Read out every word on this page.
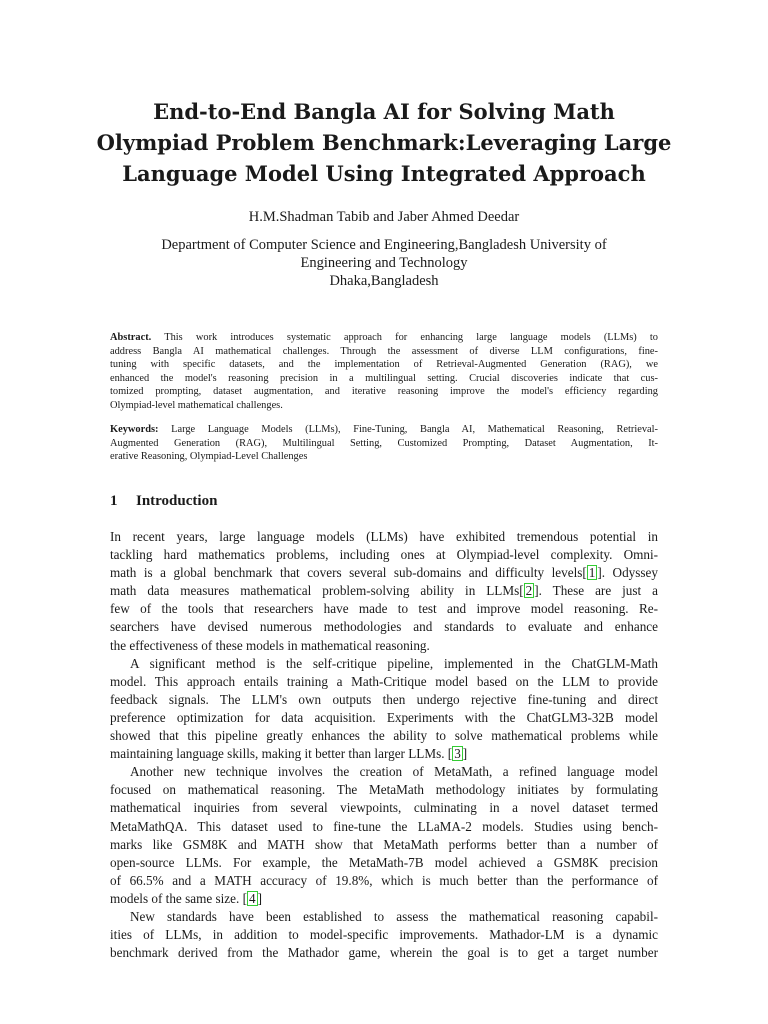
End-to-End Bangla AI for Solving Math
Olympiad Problem Benchmark:Leveraging Large
Language Model Using Integrated Approach
H.M.Shadman Tabib and Jaber Ahmed Deedar
Department of Computer Science and Engineering,Bangladesh University of
Engineering and Technology
Dhaka,Bangladesh
Abstract. This work introduces systematic approach for enhancing large language models (LLMs) to
address Bangla AI mathematical challenges. Through the assessment of diverse LLM configurations, fine-
tuning with specific datasets, and the implementation of Retrieval-Augmented Generation (RAG), we
enhanced the model's reasoning precision in a multilingual setting. Crucial discoveries indicate that cus-
tomized prompting, dataset augmentation, and iterative reasoning improve the model's efficiency regarding
Olympiad-level mathematical challenges.
Keywords: Large Language Models (LLMs), Fine-Tuning, Bangla AI, Mathematical Reasoning, Retrieval-
Augmented Generation (RAG), Multilingual Setting, Customized Prompting, Dataset Augmentation, It-
erative Reasoning, Olympiad-Level Challenges
1 Introduction
In recent years, large language models (LLMs) have exhibited tremendous potential in
tackling hard mathematics problems, including ones at Olympiad-level complexity. Omni-
math is a global benchmark that covers several sub-domains and difficulty levels[ 1 ]. Odyssey
math data measures mathematical problem-solving ability in LLMs[ 2 ]. These are just a
few of the tools that researchers have made to test and improve model reasoning. Re-
searchers have devised numerous methodologies and standards to evaluate and enhance
the effectiveness of these models in mathematical reasoning.
A significant method is the self-critique pipeline, implemented in the ChatGLM-Math
model. This approach entails training a Math-Critique model based on the LLM to provide
feedback signals. The LLM's own outputs then undergo rejective fine-tuning and direct
preference optimization for data acquisition. Experiments with the ChatGLM3-32B model
showed that this pipeline greatly enhances the ability to solve mathematical problems while
maintaining language skills, making it better than larger LLMs. [ 3 ]
Another new technique involves the creation of MetaMath, a refined language model
focused on mathematical reasoning. The MetaMath methodology initiates by formulating
mathematical inquiries from several viewpoints, culminating in a novel dataset termed
MetaMathQA. This dataset used to fine-tune the LLaMA-2 models. Studies using bench-
marks like GSM8K and MATH show that MetaMath performs better than a number of
open-source LLMs. For example, the MetaMath-7B model achieved a GSM8K precision
of 66.5% and a MATH accuracy of 19.8%, which is much better than the performance of
models of the same size. [ 4 ]
New standards have been established to assess the mathematical reasoning capabil-
ities of LLMs, in addition to model-specific improvements. Mathador-LM is a dynamic
benchmark derived from the Mathador game, wherein the goal is to get a target number
